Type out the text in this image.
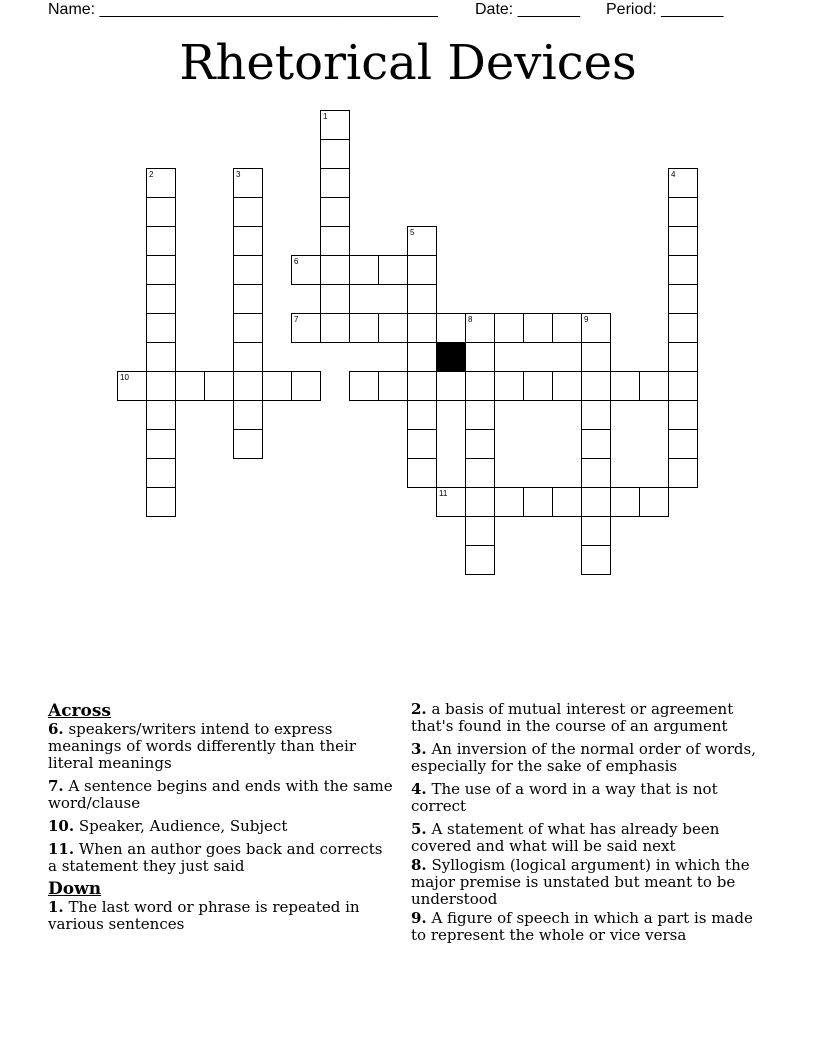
Name: ______________________________________ Date: _______ Period: _______
Rhetorical Devices
1
2	3	4
5
6
7	8	9
10
11
Across
6. speakers/writers intend to express meanings of words differently than their literal meanings
7. A sentence begins and ends with the same word/clause
10. Speaker, Audience, Subject
11. When an author goes back and corrects a statement they just said
Down
1. The last word or phrase is repeated in various sentences
2. a basis of mutual interest or agreement that's found in the course of an argument
3. An inversion of the normal order of words, especially for the sake of emphasis
4. The use of a word in a way that is not correct
5. A statement of what has already been covered and what will be said next
8. Syllogism (logical argument) in which the major premise is unstated but meant to be understood
9. A figure of speech in which a part is made to represent the whole or vice versa
